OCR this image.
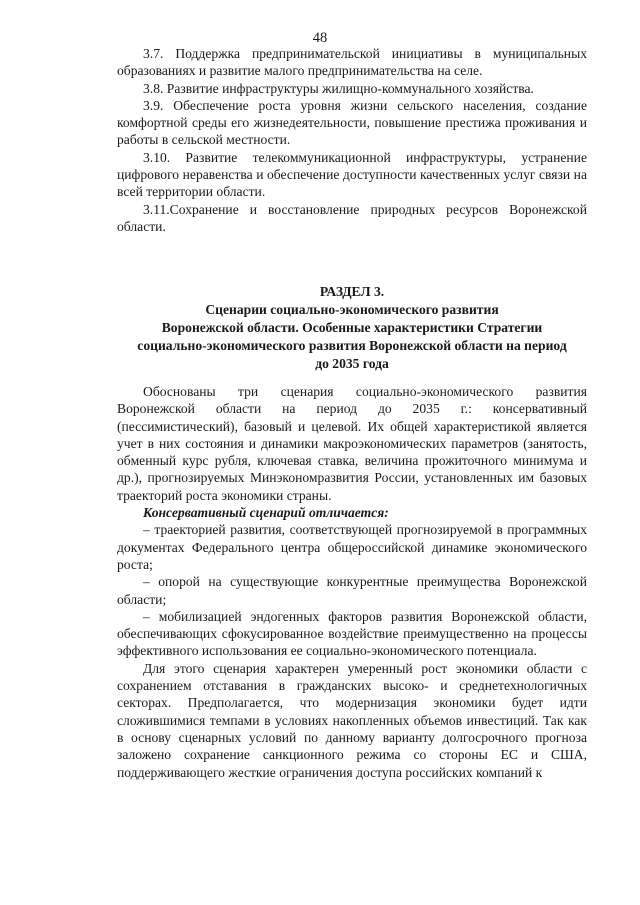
48

3.7. Поддержка предпринимательской инициативы в муниципальных образованиях и развитие малого предпринимательства на селе.

3.8. Развитие инфраструктуры жилищно-коммунального хозяйства.

3.9. Обеспечение роста уровня жизни сельского населения, создание комфортной среды его жизнедеятельности, повышение престижа проживания и работы в сельской местности.

3.10. Развитие телекоммуникационной инфраструктуры, устранение цифрового неравенства и обеспечение доступности качественных услуг связи на всей территории области.

3.11.Сохранение и восстановление природных ресурсов Воронежской области.

РАЗДЕЛ 3.
Сценарии социально-экономического развития
Воронежской области. Особенные характеристики Стратегии
социально-экономического развития Воронежской области на период
до 2035 года

Обоснованы три сценария социально-экономического развития Воронежской области на период до 2035 г.: консервативный (пессимистический), базовый и целевой. Их общей характеристикой является учет в них состояния и динамики макроэкономических параметров (занятость, обменный курс рубля, ключевая ставка, величина прожиточного минимума и др.), прогнозируемых Минэкономразвития России, установленных им базовых траекторий роста экономики страны.

Консервативный сценарий отличается:

– траекторией развития, соответствующей прогнозируемой в программных документах Федерального центра общероссийской динамике экономического роста;

– опорой на существующие конкурентные преимущества Воронежской области;

– мобилизацией эндогенных факторов развития Воронежской области, обеспечивающих сфокусированное воздействие преимущественно на процессы эффективного использования ее социально-экономического потенциала.

Для этого сценария характерен умеренный рост экономики области с сохранением отставания в гражданских высоко- и среднетехнологичных секторах. Предполагается, что модернизация экономики будет идти сложившимися темпами в условиях накопленных объемов инвестиций. Так как в основу сценарных условий по данному варианту долгосрочного прогноза заложено сохранение санкционного режима со стороны ЕС и США, поддерживающего жесткие ограничения доступа российских компаний к
